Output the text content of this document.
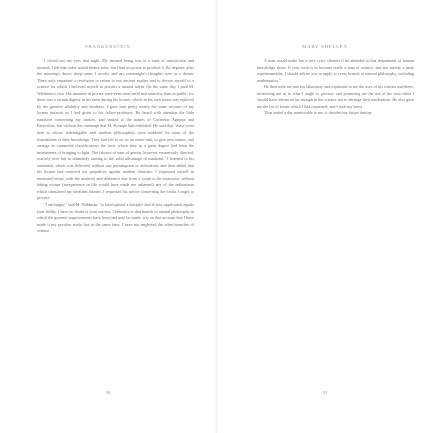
FRANKENSTEIN

I closed not my eyes that night. My internal being was in a state of insurrection and turmoil; I felt that order would thence arise, but I had no power to produce it. By degrees, after the morning's dawn, sleep came. I awoke, and my yesternight's thoughts were as a dream. There only remained a resolution to return to my ancient studies and to devote myself to a science for which I believed myself to possess a natural talent. On the same day, I paid M. Waldman a visit. His manners in private were even more mild and attractive than in public; for there was a certain dignity in his mien during his lecture, which in his own house was replaced by the greatest affability and kindness. I gave him pretty nearly the same account of my former pursuits as I had given to his fellow-professor. He heard with attention the little narration concerning my studies, and smiled at the names of Cornelius Agrippa and Paracelsus, but without the contempt that M. Krempe had exhibited. He said that "these were men to whose indefatigable zeal modern philosophers were indebted for most of the foundations of their knowledge. They had left to us, as an easier task, to give new names, and arrange in connected classifications the facts which they in a great degree had been the instruments of bringing to light. The labours of men of genius, however erroneously directed, scarcely ever fail in ultimately turning to the solid advantage of mankind." I listened to his statement, which was delivered without any presumption or affectation; and then added that his lecture had removed my prejudices against modern chemists; I expressed myself in measured terms, with the modesty and deference due from a youth to his instructor, without letting escape (inexperience in life would have made me ashamed) any of the enthusiasm which stimulated my intended labours. I requested his advice concerning the books I ought to procure.

"I am happy," said M. Waldman, "to have gained a disciple; and if your application equals your ability, I have no doubt of your success. Chemistry is that branch of natural philosophy in which the greatest improvements have been and may be made: it is on that account that I have made it my peculiar study; but at the same time, I have not neglected the other branches of science.

50
MARY SHELLEY

A man would make but a very sorry chemist if he attended to that department of human knowledge alone. If your wish is to become really a man of science, and not merely a petty experimentalist, I should advise you to apply to every branch of natural philosophy, including mathematics."

He then took me into his laboratory and explained to me the uses of his various machines; instructing me as to what I ought to procure, and promising me the use of his own when I should have advanced far enough in the science not to derange their mechanism. He also gave me the list of books which I had requested; and I took my leave.

Thus ended a day memorable to me: it decided my future destiny.

51
